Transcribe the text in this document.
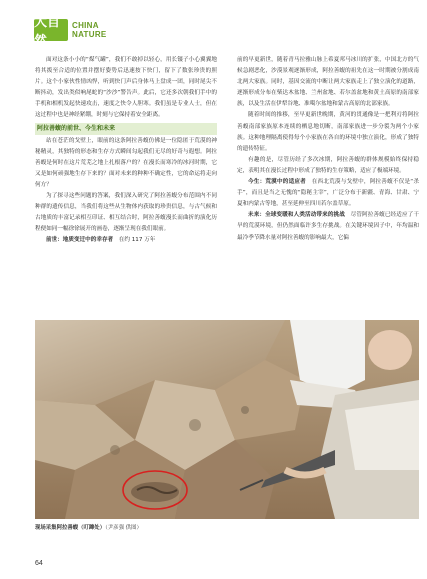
大自然
CHINA
NATURE

面对这条小小的“煤气罐”，我们不敢掉以轻心，用长镊子小心翼翼地将其拨至合适的位置并摆好姿势后迅速按下快门，留下了数张珍贵的照片。这个小家伙性情凶悍，听到快门声后身体马上盘成一团，同时尾尖不断抖动，发出类似响尾蛇的“沙沙”警告声。此后，它还多次朝我们手中的手机和相机发起快速攻击，速度之快令人胆寒。我们虽是专业人士，但在这过程中也是神经紧绷，时刻与它保持着安全距离。

阿拉善蝮的前世、今生和未来

站在苍茫的戈壁上，眼前的这条阿拉善蝮仿佛是一位隐匿于荒漠的神秘精灵，其独特的形态和生存方式瞬间勾起我们无尽的好奇与遐想。阿拉善蝮是何时在这片荒芜之地上扎根落户的？在漫长而寒冷的冰河时期，它又是如何顽强地生存下来的？面对未来的种种不确定性，它的命运将走向何方？

为了探寻这些问题的答案，我们深入研究了阿拉善蝮分布范围内不同种群的遗传信息，当我们将这些从生物体内获取的珍贵信息，与古气候和古地质的丰富记录相互印证、相互结合时，阿拉善蝮漫长而曲折的演化历程便如同一幅徐徐展开的画卷，逐渐呈现在我们眼前。

前世：地质变迁中的幸存者　 在约 117 万年

前的早更新世，随着青马拉雅山脉上希夏邦马冰川的扩张，中国北方的气候急剧恶化，沙漠景观逐渐形成，阿拉善蝮的祖先在这一时期被分割成南北两大家族。同时，基因交流的中断让两大家族走上了独立演化的道路，逐渐形成分布在柴达木盆地、兰州盆地、若尔盖盆地和黄土高原的南部家族，以及生活在伊犁谷地、准噶尔盆地和蒙古高原的北部家族。

随着时间的推移，至早更新世晚期，黄河的贯通像是一把利刃将阿拉善蝮南部家族原本连续的栖息地切断，南部家族进一步分裂为两个小家族。这种地理隔离使得每个小家族在各自的环境中独立演化，形成了独特的遗传特征。

有趣的是，尽管历经了多次冰期，阿拉善蝮的群体规模始终保持稳定，表明其在漫长过程中形成了独特的生存策略，适应了极端环境。

今生：荒漠中的适应者　 在西北荒漠与戈壁中，阿拉善蝮不仅是“杀手”，而且是当之无愧的“隐秘主宰”，广泛分布于新疆、青海、甘肃、宁夏和内蒙古等地，甚至延伸至四川若尔盖草原。

未来：全球变暖和人类活动带来的挑战　 尽管阿拉善蝮已经适应了干旱的荒漠环境，但仍然面临许多生存挑战。在关键环境因子中，年均温和最冷季节降水量对阿拉善蝮的影响最大，它偏

现场采集阿拉善蝮（叮蹿处）（尹彦强 供图）
64
